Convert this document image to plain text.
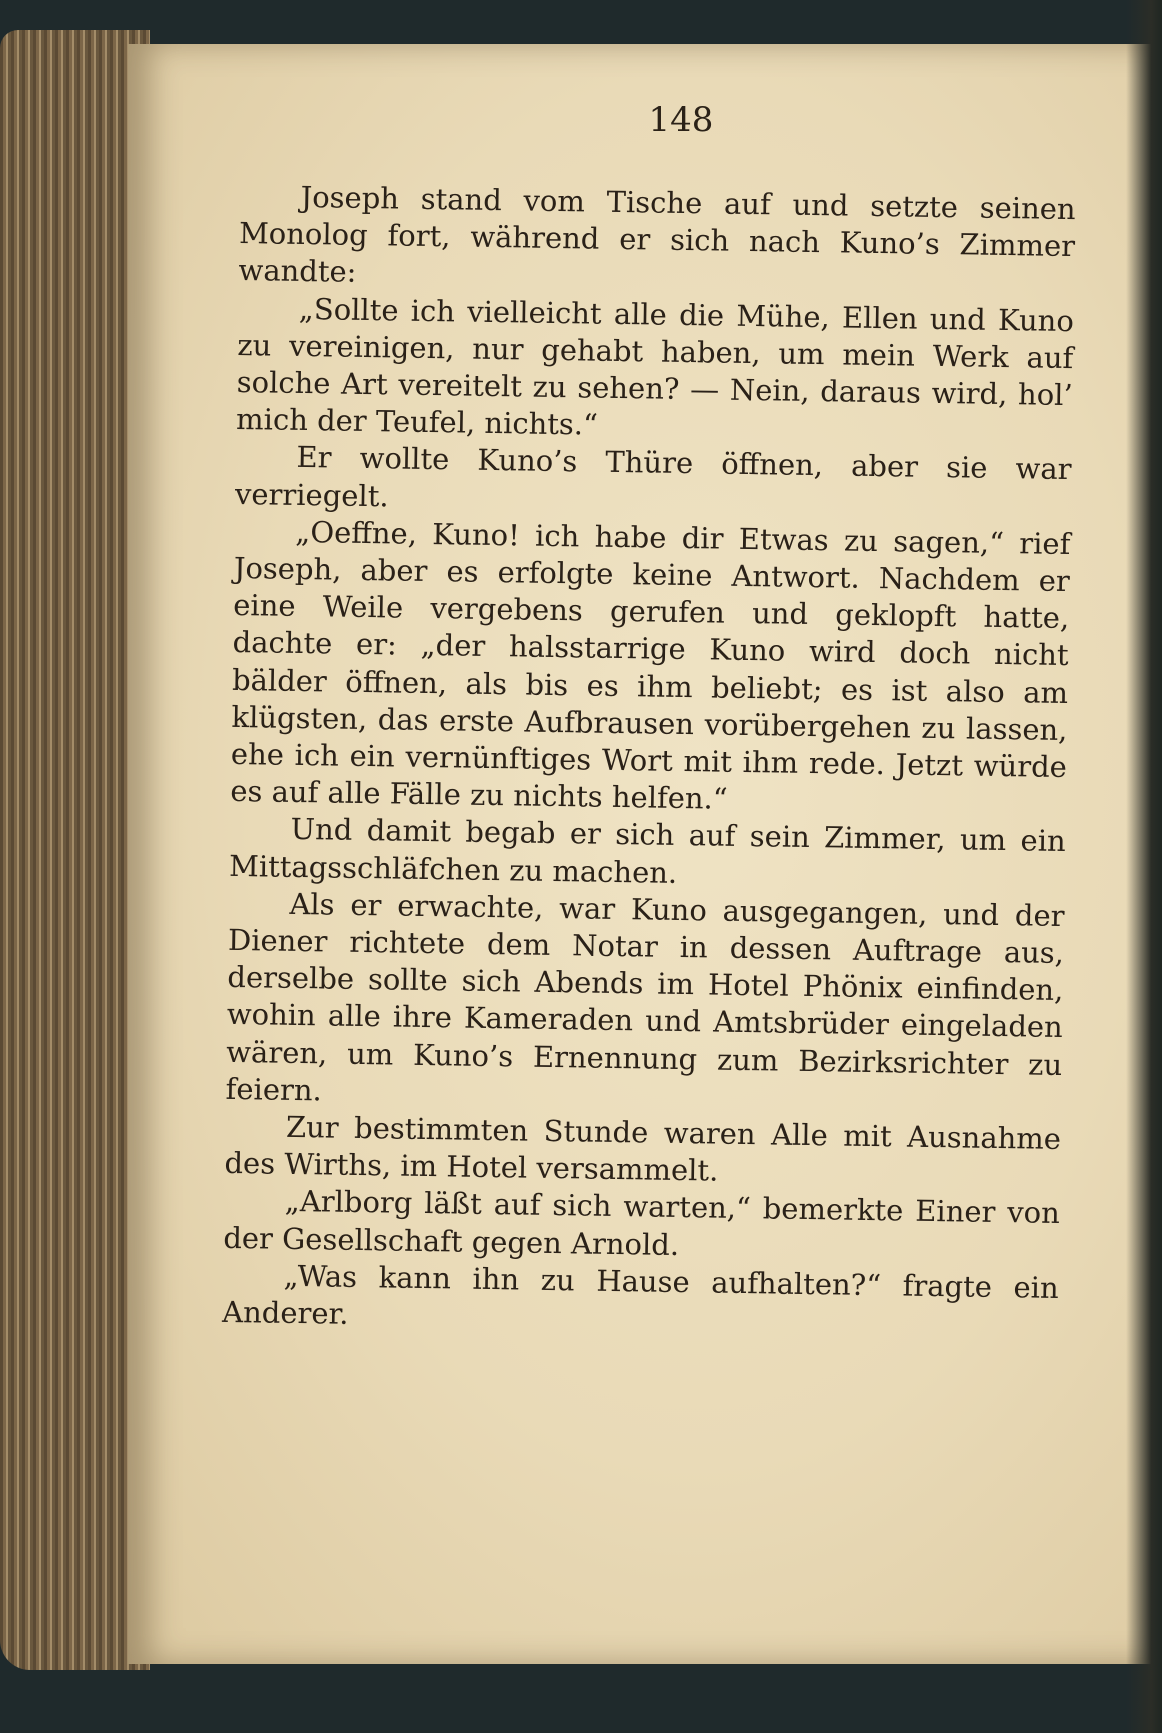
148

Joseph stand vom Tische auf und setzte seinen Monolog fort, während er sich nach Kuno’s Zimmer wandte:

„Sollte ich vielleicht alle die Mühe, Ellen und Kuno zu vereinigen, nur gehabt haben, um mein Werk auf solche Art vereitelt zu sehen? — Nein, daraus wird, hol’ mich der Teufel, nichts.“

Er wollte Kuno’s Thüre öffnen, aber sie war verriegelt.

„Oeffne, Kuno! ich habe dir Etwas zu sagen,“ rief Joseph, aber es erfolgte keine Antwort. Nachdem er eine Weile vergebens gerufen und geklopft hatte, dachte er: „der halsstarrige Kuno wird doch nicht bälder öffnen, als bis es ihm beliebt; es ist also am klügsten, das erste Aufbrausen vorübergehen zu lassen, ehe ich ein vernünftiges Wort mit ihm rede. Jetzt würde es auf alle Fälle zu nichts helfen.“

Und damit begab er sich auf sein Zimmer, um ein Mittagsschläfchen zu machen.

Als er erwachte, war Kuno ausgegangen, und der Diener richtete dem Notar in dessen Auftrage aus, derselbe sollte sich Abends im Hotel Phönix einfinden, wohin alle ihre Kameraden und Amtsbrüder eingeladen wären, um Kuno’s Ernennung zum Bezirksrichter zu feiern.

Zur bestimmten Stunde waren Alle mit Ausnahme des Wirths, im Hotel versammelt.

„Arlborg läßt auf sich warten,“ bemerkte Einer von der Gesellschaft gegen Arnold.

„Was kann ihn zu Hause aufhalten?“ fragte ein Anderer.
